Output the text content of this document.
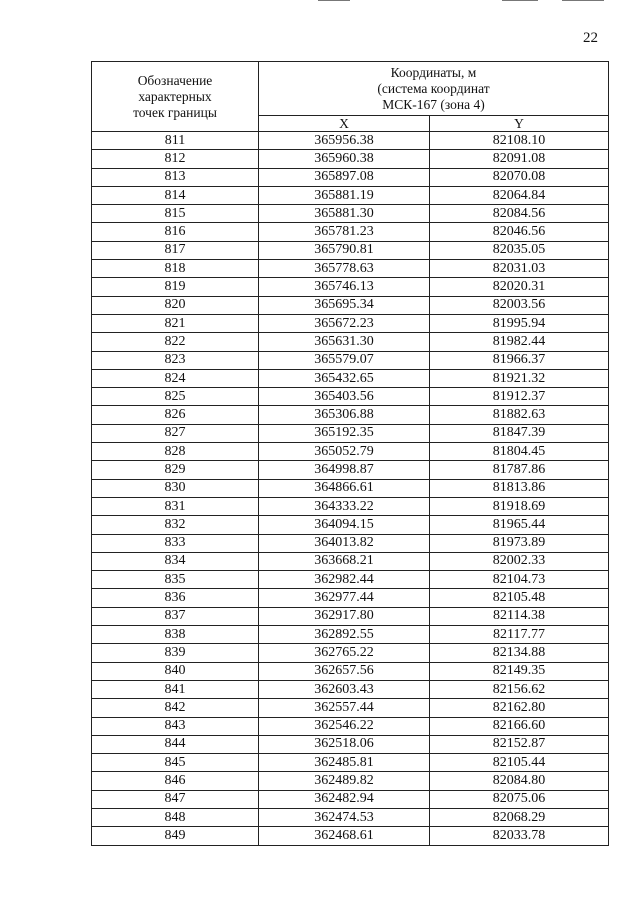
22
Обозначение
характерных
точек границы	Координаты, м
(система координат
МСК-167 (зона 4)	
	X	Y
811	365956.38	82108.10
812	365960.38	82091.08
813	365897.08	82070.08
814	365881.19	82064.84
815	365881.30	82084.56
816	365781.23	82046.56
817	365790.81	82035.05
818	365778.63	82031.03
819	365746.13	82020.31
820	365695.34	82003.56
821	365672.23	81995.94
822	365631.30	81982.44
823	365579.07	81966.37
824	365432.65	81921.32
825	365403.56	81912.37
826	365306.88	81882.63
827	365192.35	81847.39
828	365052.79	81804.45
829	364998.87	81787.86
830	364866.61	81813.86
831	364333.22	81918.69
832	364094.15	81965.44
833	364013.82	81973.89
834	363668.21	82002.33
835	362982.44	82104.73
836	362977.44	82105.48
837	362917.80	82114.38
838	362892.55	82117.77
839	362765.22	82134.88
840	362657.56	82149.35
841	362603.43	82156.62
842	362557.44	82162.80
843	362546.22	82166.60
844	362518.06	82152.87
845	362485.81	82105.44
846	362489.82	82084.80
847	362482.94	82075.06
848	362474.53	82068.29
849	362468.61	82033.78
